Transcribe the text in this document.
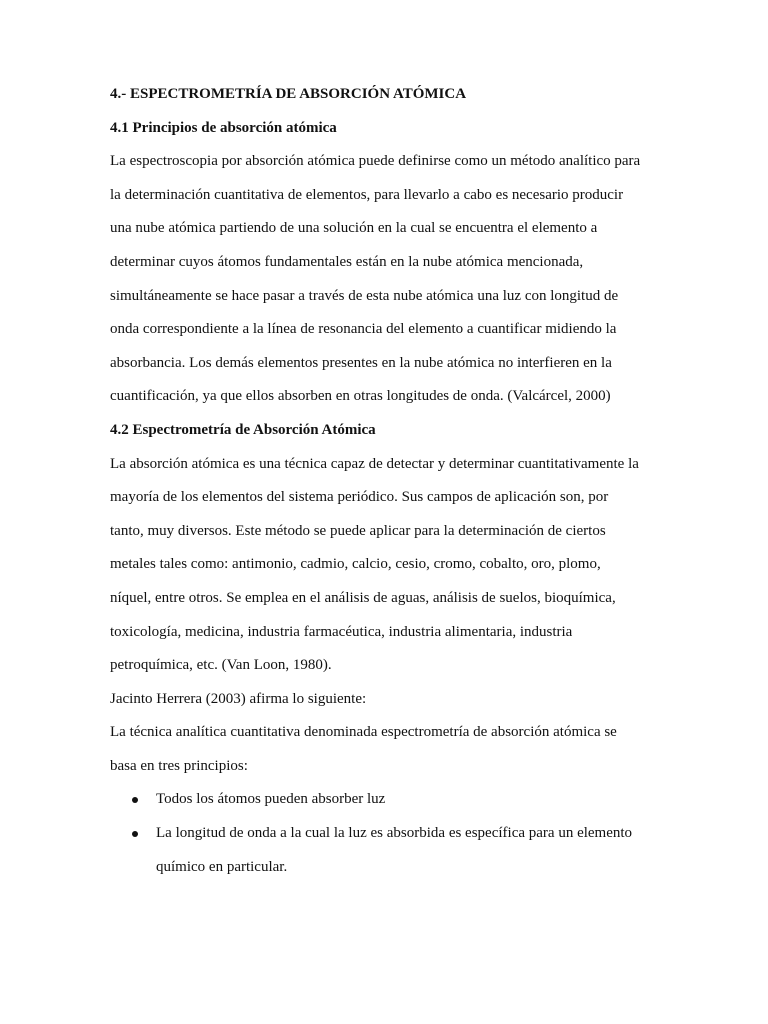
4.- ESPECTROMETRÍA DE ABSORCIÓN ATÓMICA

4.1 Principios de absorción atómica

La espectroscopia por absorción atómica puede definirse como un método analítico para

la determinación cuantitativa de elementos, para llevarlo a cabo es necesario producir

una nube atómica partiendo de una solución en la cual se encuentra el elemento a

determinar cuyos átomos fundamentales están en la nube atómica mencionada,

simultáneamente se hace pasar a través de esta nube atómica una luz con longitud de

onda correspondiente a la línea de resonancia del elemento a cuantificar midiendo la

absorbancia. Los demás elementos presentes en la nube atómica no interfieren en la

cuantificación, ya que ellos absorben en otras longitudes de onda. (Valcárcel, 2000)

4.2 Espectrometría de Absorción Atómica

La absorción atómica es una técnica capaz de detectar y determinar cuantitativamente la

mayoría de los elementos del sistema periódico. Sus campos de aplicación son, por

tanto, muy diversos. Este método se puede aplicar para la determinación de ciertos

metales tales como: antimonio, cadmio, calcio, cesio, cromo, cobalto, oro, plomo,

níquel, entre otros. Se emplea en el análisis de aguas, análisis de suelos, bioquímica,

toxicología, medicina, industria farmacéutica, industria alimentaria, industria

petroquímica, etc. (Van Loon, 1980).

Jacinto Herrera (2003) afirma lo siguiente:

La técnica analítica cuantitativa denominada espectrometría de absorción atómica se

basa en tres principios:

Todos los átomos pueden absorber luz

La longitud de onda a la cual la luz es absorbida es específica para un elemento

químico en particular.
